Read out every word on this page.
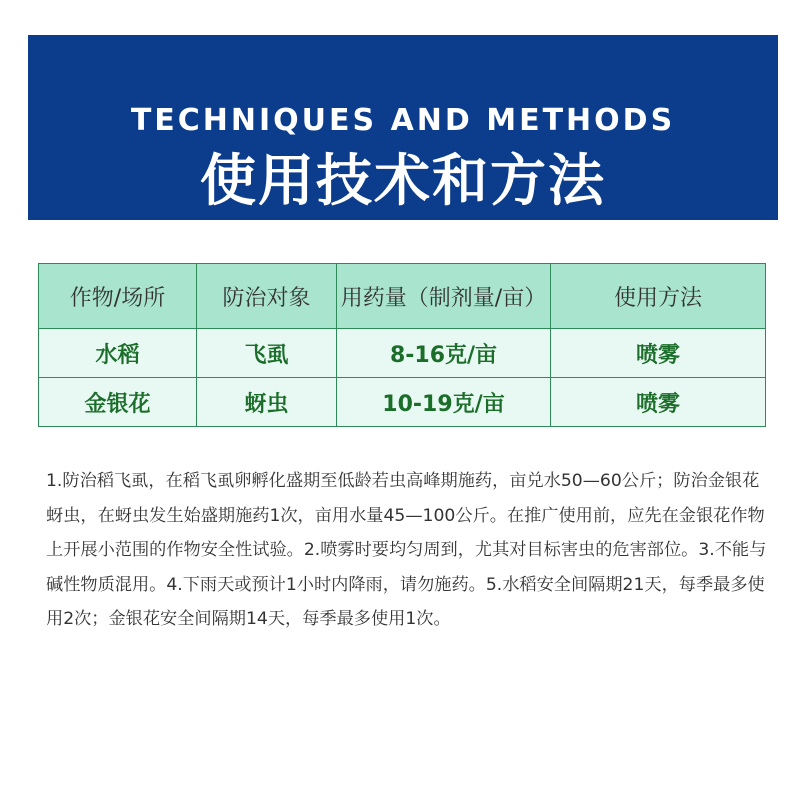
TECHNIQUES AND METHODS
使用技术和方法
作物/场所	防治对象	用药量（制剂量/亩）	使用方法
水稻	飞虱	8-16克/亩	喷雾
金银花	蚜虫	10-19克/亩	喷雾
1.防治稻飞虱，在稻飞虱卵孵化盛期至低龄若虫高峰期施药，亩兑水50—60公斤；防治金银花蚜虫，在蚜虫发生始盛期施药1次，亩用水量45—100公斤。在推广使用前，应先在金银花作物上开展小范围的作物安全性试验。2.喷雾时要均匀周到，尤其对目标害虫的危害部位。3.不能与碱性物质混用。4.下雨天或预计1小时内降雨，请勿施药。5.水稻安全间隔期21天，每季最多使用2次；金银花安全间隔期14天，每季最多使用1次。
